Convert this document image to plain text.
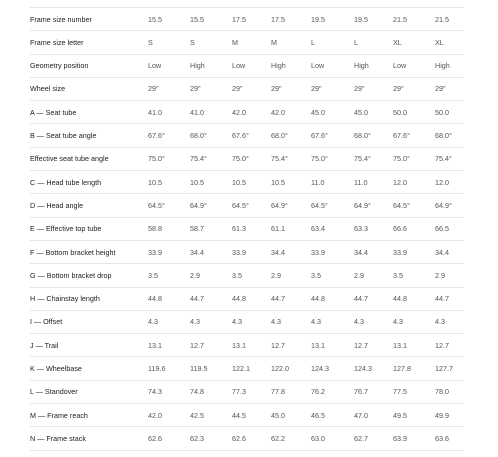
Frame size number	15.5	15.5	17.5	17.5	19.5	19.5	21.5	21.5
Frame size letter	S	S	M	M	L	L	XL	XL
Geometry position	Low	High	Low	High	Low	High	Low	High
Wheel size	29"	29"	29"	29"	29"	29"	29"	29"
A — Seat tube	41.0	41.0	42.0	42.0	45.0	45.0	50.0	50.0
B — Seat tube angle	67.6°	68.0°	67.6°	68.0°	67.6°	68.0°	67.6°	68.0°
Effective seat tube angle	75.0°	75.4°	75.0°	75.4°	75.0°	75.4°	75.0°	75.4°
C — Head tube length	10.5	10.5	10.5	10.5	11.0	11.0	12.0	12.0
D — Head angle	64.5°	64.9°	64.5°	64.9°	64.5°	64.9°	64.5°	64.9°
E — Effective top tube	58.8	58.7	61.3	61.1	63.4	63.3	66.6	66.5
F — Bottom bracket height	33.9	34.4	33.9	34.4	33.9	34.4	33.9	34.4
G — Bottom bracket drop	3.5	2.9	3.5	2.9	3.5	2.9	3.5	2.9
H — Chainstay length	44.8	44.7	44.8	44.7	44.8	44.7	44.8	44.7
I — Offset	4.3	4.3	4.3	4.3	4.3	4.3	4.3	4.3
J — Trail	13.1	12.7	13.1	12.7	13.1	12.7	13.1	12.7
K — Wheelbase	119.6	119.5	122.1	122.0	124.3	124.3	127.8	127.7
L — Standover	74.3	74.8	77.3	77.8	76.2	76.7	77.5	78.0
M — Frame reach	42.0	42.5	44.5	45.0	46.5	47.0	49.5	49.9
N — Frame stack	62.6	62.3	62.6	62.2	63.0	62.7	63.9	63.6
